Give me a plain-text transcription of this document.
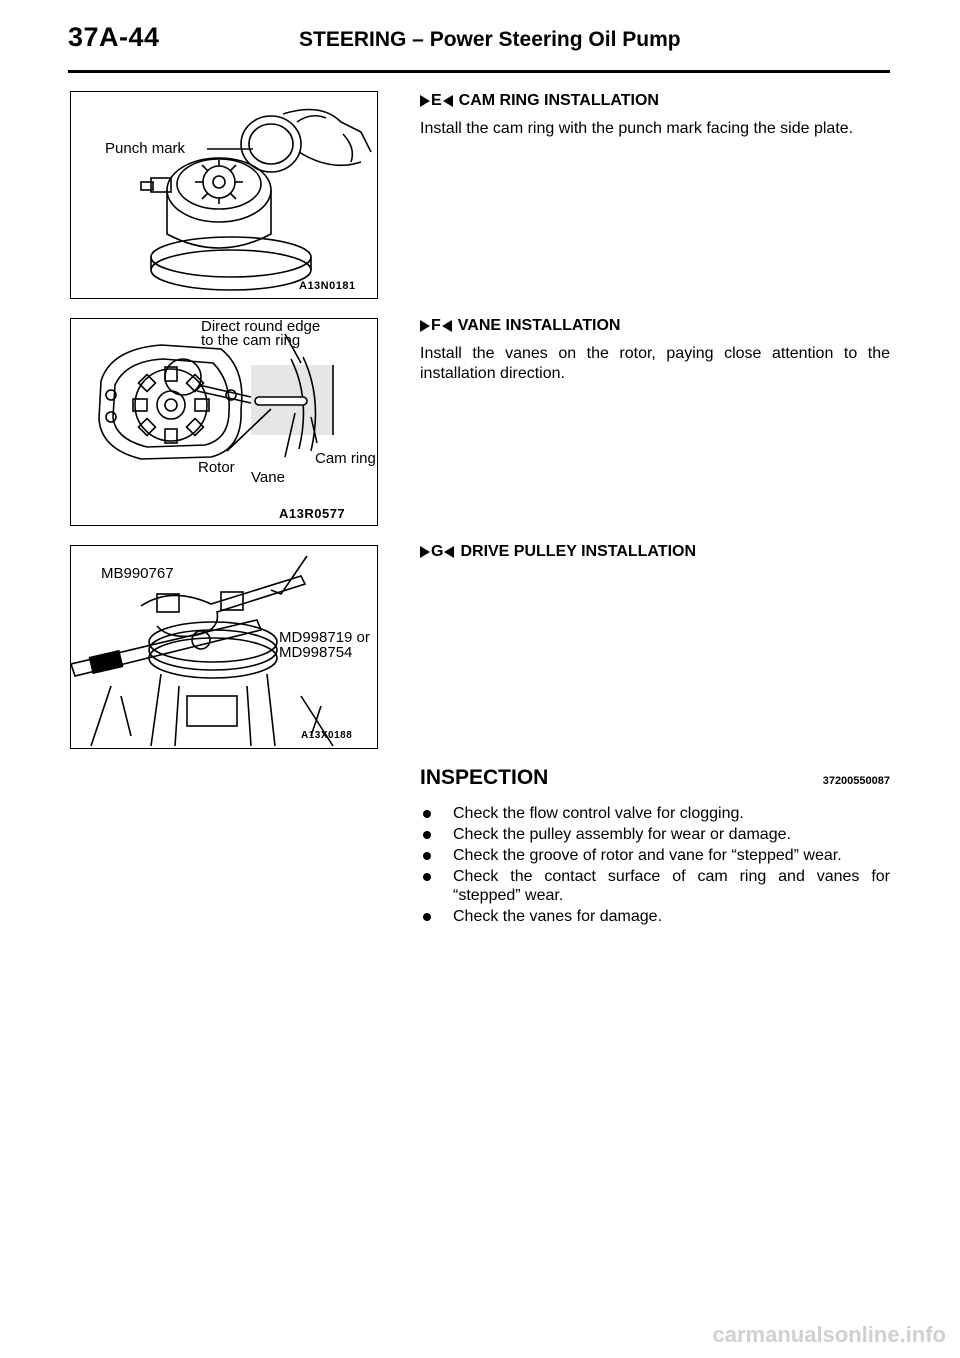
37A-44	STEERING – Power Steering Oil Pump
Punch mark
A13N0181
Direct round edge
to the cam ring
Rotor
Vane
Cam ring
A13R0577
MB990767
MD998719 or
MD998754
A13X0188
E CAM RING INSTALLATION
Install the cam ring with the punch mark facing the side plate.
F VANE INSTALLATION
Install the vanes on the rotor, paying close attention to the installation direction.
G DRIVE PULLEY INSTALLATION
INSPECTION	37200550087
Check the flow control valve for clogging.
Check the pulley assembly for wear or damage.
Check the groove of rotor and vane for “stepped” wear.
Check the contact surface of cam ring and vanes for “stepped” wear.
Check the vanes for damage.
carmanualsonline.info
